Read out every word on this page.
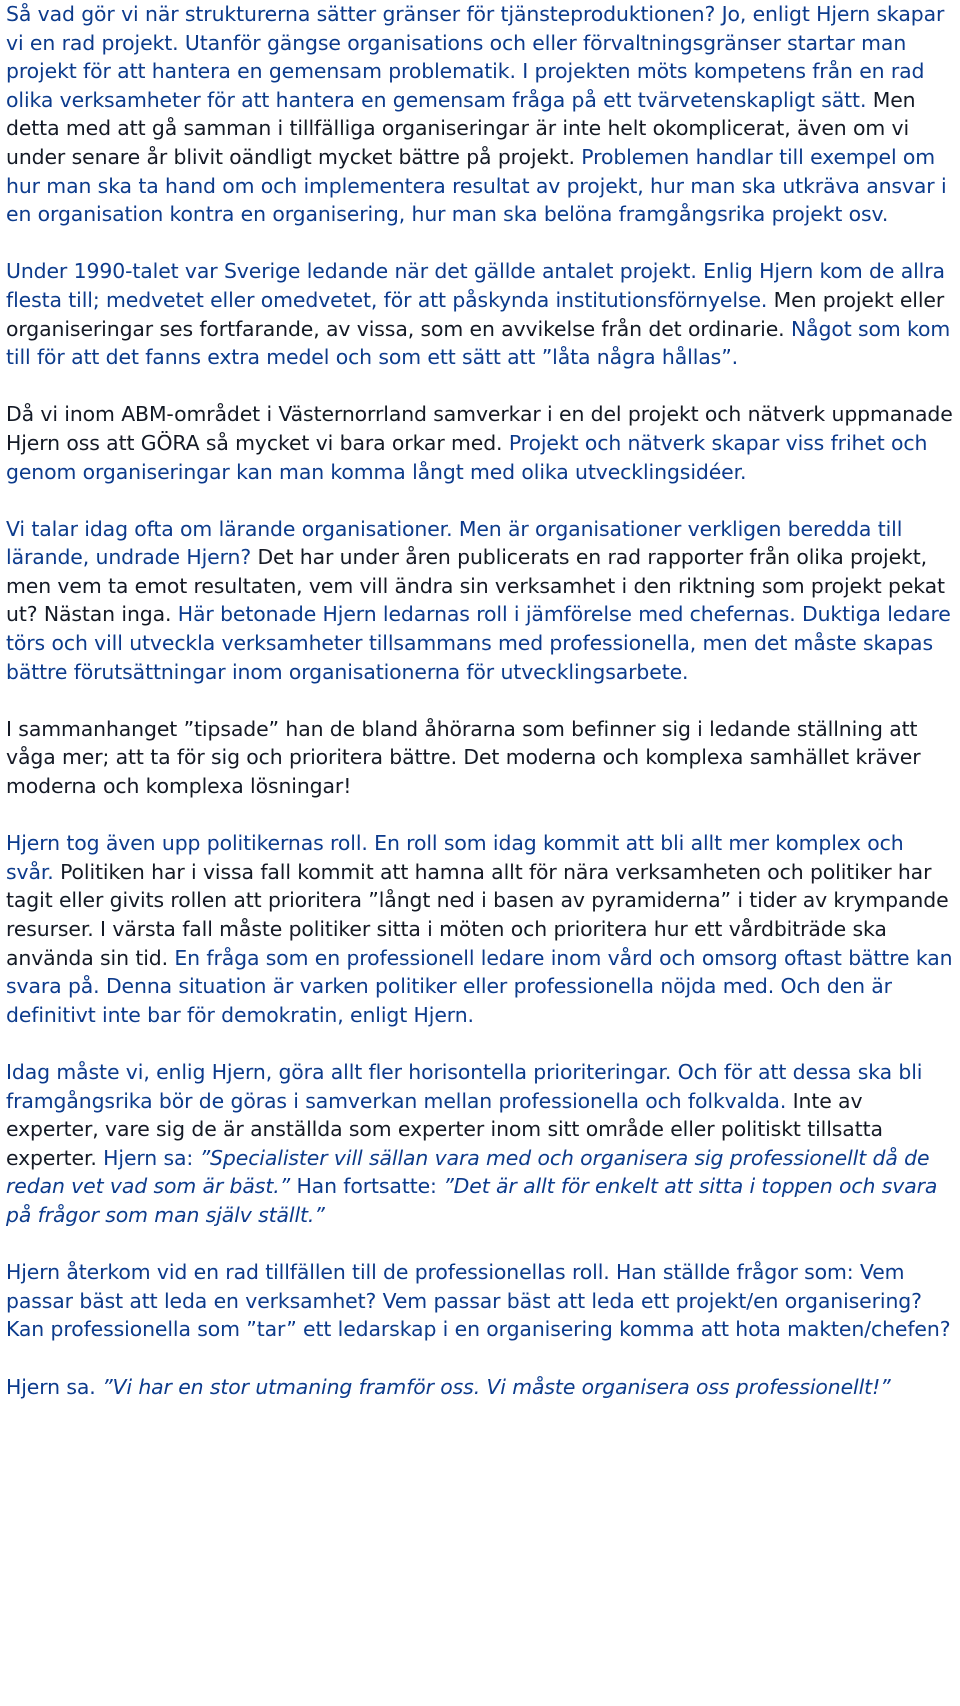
Så vad gör vi när strukturerna sätter gränser för tjänsteproduktionen? Jo, enligt Hjern skapar vi en rad projekt. Utanför gängse organisations och eller förvaltningsgränser startar man projekt för att hantera en gemensam problematik. I projekten möts kompetens från en rad olika verksamheter för att hantera en gemensam fråga på ett tvärvetenskapligt sätt. Men detta med att gå samman i tillfälliga organiseringar är inte helt okomplicerat, även om vi under senare år blivit oändligt mycket bättre på projekt. Problemen handlar till exempel om hur man ska ta hand om och implementera resultat av projekt, hur man ska utkräva ansvar i en organisation kontra en organisering, hur man ska belöna framgångsrika projekt osv.

Under 1990-talet var Sverige ledande när det gällde antalet projekt. Enlig Hjern kom de allra flesta till; medvetet eller omedvetet, för att påskynda institutionsförnyelse. Men projekt eller organiseringar ses fortfarande, av vissa, som en avvikelse från det ordinarie. Något som kom till för att det fanns extra medel och som ett sätt att ”låta några hållas”.

Då vi inom ABM-området i Västernorrland samverkar i en del projekt och nätverk uppmanade Hjern oss att GÖRA så mycket vi bara orkar med. Projekt och nätverk skapar viss frihet och genom organiseringar kan man komma långt med olika utvecklingsidéer.

Vi talar idag ofta om lärande organisationer. Men är organisationer verkligen beredda till lärande, undrade Hjern? Det har under åren publicerats en rad rapporter från olika projekt, men vem ta emot resultaten, vem vill ändra sin verksamhet i den riktning som projekt pekat ut? Nästan inga. Här betonade Hjern ledarnas roll i jämförelse med chefernas. Duktiga ledare törs och vill utveckla verksamheter tillsammans med professionella, men det måste skapas bättre förutsättningar inom organisationerna för utvecklingsarbete.

I sammanhanget ”tipsade” han de bland åhörarna som befinner sig i ledande ställning att våga mer; att ta för sig och prioritera bättre. Det moderna och komplexa samhället kräver moderna och komplexa lösningar!

Hjern tog även upp politikernas roll. En roll som idag kommit att bli allt mer komplex och svår. Politiken har i vissa fall kommit att hamna allt för nära verksamheten och politiker har tagit eller givits rollen att prioritera ”långt ned i basen av pyramiderna” i tider av krympande resurser. I värsta fall måste politiker sitta i möten och prioritera hur ett vårdbiträde ska använda sin tid. En fråga som en professionell ledare inom vård och omsorg oftast bättre kan svara på. Denna situation är varken politiker eller professionella nöjda med. Och den är definitivt inte bar för demokratin, enligt Hjern.

Idag måste vi, enlig Hjern, göra allt fler horisontella prioriteringar. Och för att dessa ska bli framgångsrika bör de göras i samverkan mellan professionella och folkvalda. Inte av experter, vare sig de är anställda som experter inom sitt område eller politiskt tillsatta experter. Hjern sa: ”Specialister vill sällan vara med och organisera sig professionellt då de redan vet vad som är bäst.” Han fortsatte: ”Det är allt för enkelt att sitta i toppen och svara på frågor som man själv ställt.”

Hjern återkom vid en rad tillfällen till de professionellas roll. Han ställde frågor som: Vem passar bäst att leda en verksamhet? Vem passar bäst att leda ett projekt/en organisering? Kan professionella som ”tar” ett ledarskap i en organisering komma att hota makten/chefen?

Hjern sa. ”Vi har en stor utmaning framför oss. Vi måste organisera oss professionellt!”
